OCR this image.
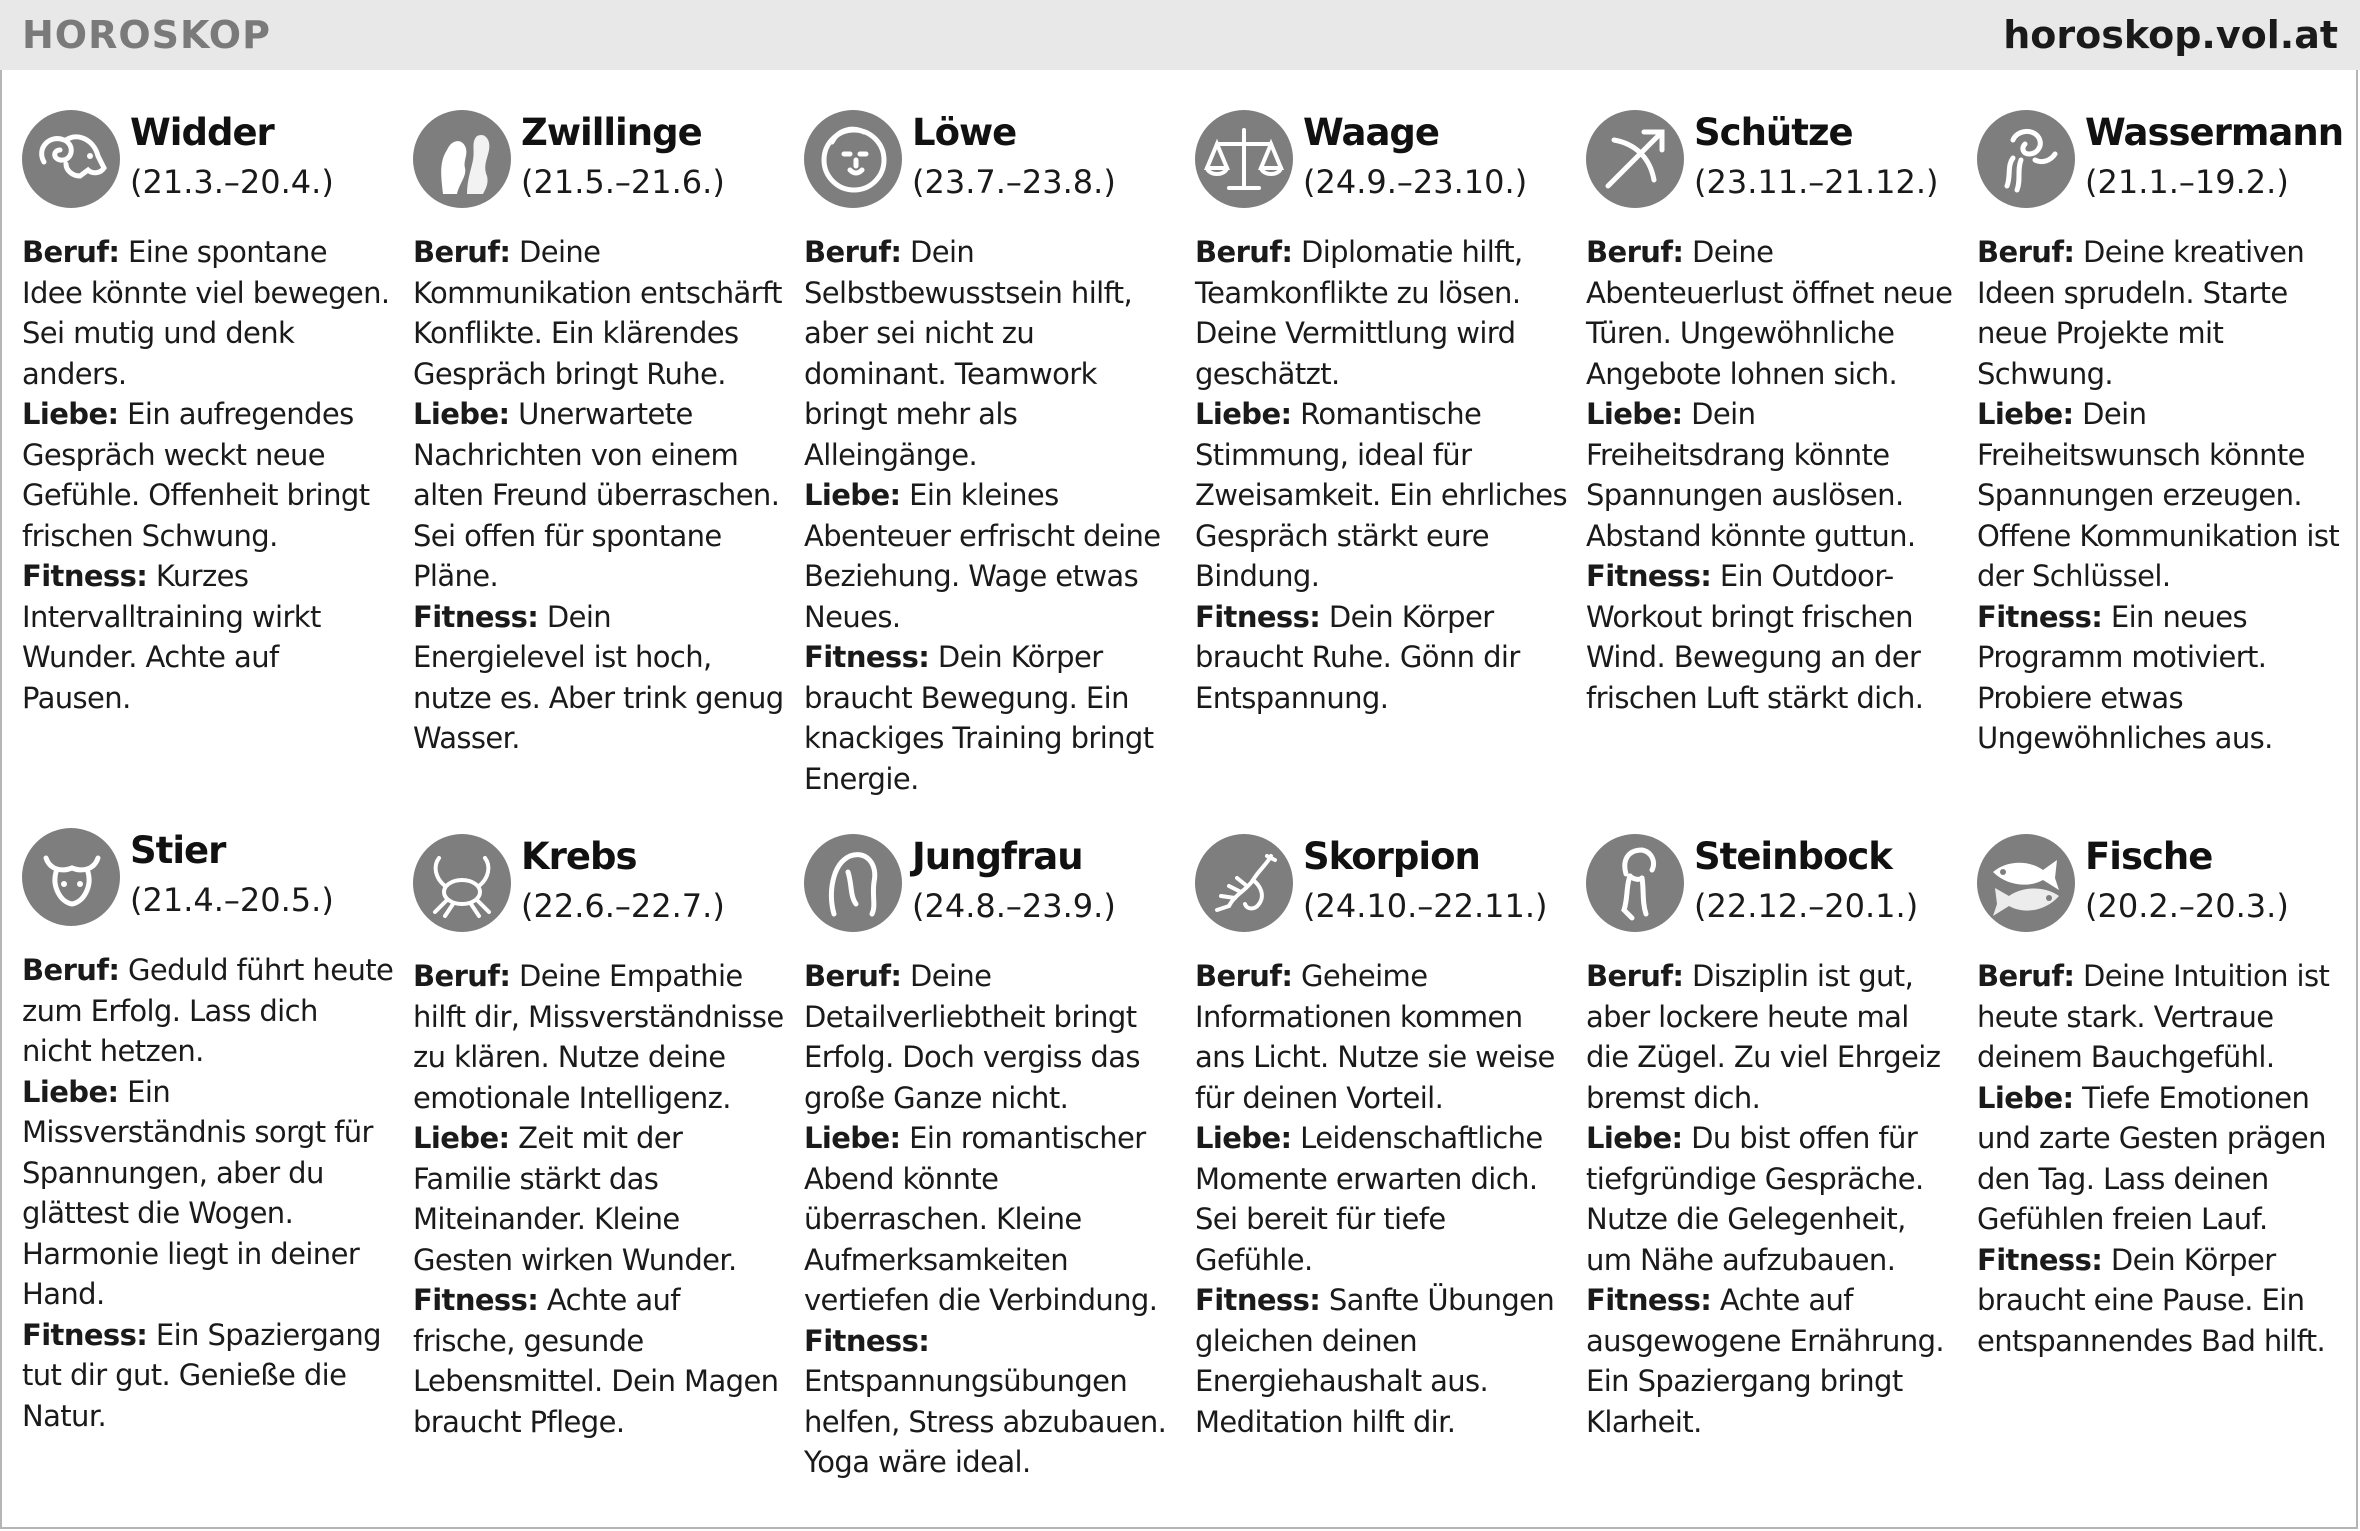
HOROSKOP	horoskop.vol.at
Widder
(21.3.–20.4.)

Beruf: Eine spontane Idee könnte viel bewegen. Sei mutig und denk anders.

Liebe: Ein aufregendes Gespräch weckt neue Gefühle. Offenheit bringt frischen Schwung.

Fitness: Kurzes Intervalltraining wirkt Wunder. Achte auf Pausen.

Zwillinge
(21.5.–21.6.)

Beruf: Deine Kommunikation entschärft Konflikte. Ein klärendes Gespräch bringt Ruhe.

Liebe: Unerwartete Nachrichten von einem alten Freund überraschen. Sei offen für spontane Pläne.

Fitness: Dein Energielevel ist hoch, nutze es. Aber trink genug Wasser.

Löwe
(23.7.–23.8.)

Beruf: Dein Selbstbewusstsein hilft, aber sei nicht zu dominant. Teamwork bringt mehr als Alleingänge.

Liebe: Ein kleines Abenteuer erfrischt deine Beziehung. Wage etwas Neues.

Fitness: Dein Körper braucht Bewegung. Ein knackiges Training bringt Energie.

Waage
(24.9.–23.10.)

Beruf: Diplomatie hilft, Teamkonflikte zu lösen. Deine Vermittlung wird geschätzt.

Liebe: Romantische Stimmung, ideal für Zweisamkeit. Ein ehrliches Gespräch stärkt eure Bindung.

Fitness: Dein Körper braucht Ruhe. Gönn dir Entspannung.

Schütze
(23.11.–21.12.)

Beruf: Deine Abenteuerlust öffnet neue Türen. Ungewöhnliche Angebote lohnen sich.

Liebe: Dein Freiheitsdrang könnte Spannungen auslösen. Abstand könnte guttun.

Fitness: Ein Outdoor-Workout bringt frischen Wind. Bewegung an der frischen Luft stärkt dich.

Wassermann
(21.1.–19.2.)

Beruf: Deine kreativen Ideen sprudeln. Starte neue Projekte mit Schwung.

Liebe: Dein Freiheitswunsch könnte Spannungen erzeugen. Offene Kommunikation ist der Schlüssel.

Fitness: Ein neues Programm motiviert. Probiere etwas Ungewöhnliches aus.

Stier
(21.4.–20.5.)

Beruf: Geduld führt heute zum Erfolg. Lass dich nicht hetzen.

Liebe: Ein Missverständnis sorgt für Spannungen, aber du glättest die Wogen. Harmonie liegt in deiner Hand.

Fitness: Ein Spaziergang tut dir gut. Genieße die Natur.

Krebs
(22.6.–22.7.)

Beruf: Deine Empathie hilft dir, Missverständnisse zu klären. Nutze deine emotionale Intelligenz.

Liebe: Zeit mit der Familie stärkt das Miteinander. Kleine Gesten wirken Wunder.

Fitness: Achte auf frische, gesunde Lebensmittel. Dein Magen braucht Pflege.

Jungfrau
(24.8.–23.9.)

Beruf: Deine Detailverliebtheit bringt Erfolg. Doch vergiss das große Ganze nicht.

Liebe: Ein romantischer Abend könnte überraschen. Kleine Aufmerksamkeiten vertiefen die Verbindung.

Fitness: Entspannungsübungen helfen, Stress abzubauen. Yoga wäre ideal.

Skorpion
(24.10.–22.11.)

Beruf: Geheime Informationen kommen ans Licht. Nutze sie weise für deinen Vorteil.

Liebe: Leidenschaftliche Momente erwarten dich. Sei bereit für tiefe Gefühle.

Fitness: Sanfte Übungen gleichen deinen Energiehaushalt aus. Meditation hilft dir.

Steinbock
(22.12.–20.1.)

Beruf: Disziplin ist gut, aber lockere heute mal die Zügel. Zu viel Ehrgeiz bremst dich.

Liebe: Du bist offen für tiefgründige Gespräche. Nutze die Gelegenheit, um Nähe aufzubauen.

Fitness: Achte auf ausgewogene Ernährung. Ein Spaziergang bringt Klarheit.

Fische
(20.2.–20.3.)

Beruf: Deine Intuition ist heute stark. Vertraue deinem Bauchgefühl.

Liebe: Tiefe Emotionen und zarte Gesten prägen den Tag. Lass deinen Gefühlen freien Lauf.

Fitness: Dein Körper braucht eine Pause. Ein entspannendes Bad hilft.
